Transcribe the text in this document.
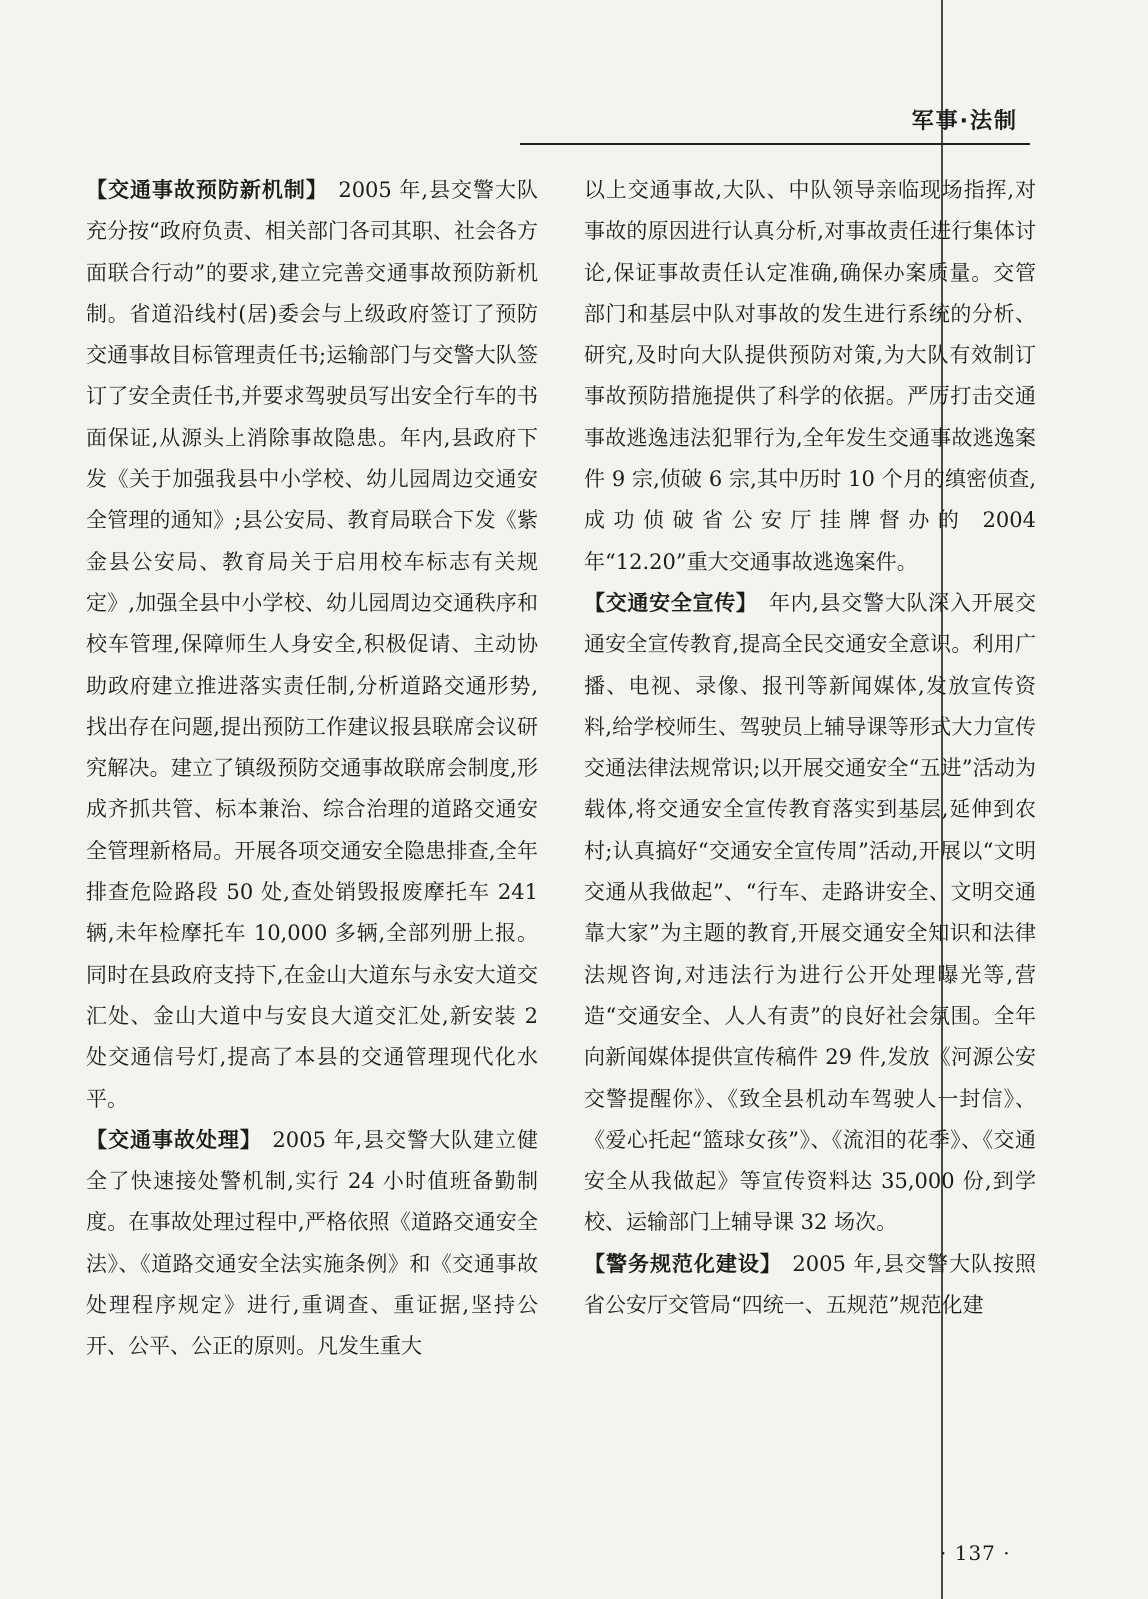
军事·法制

【交通事故预防新机制】  2005 年,县交警大队充分按“政府负责、相关部门各司其职、社会各方面联合行动”的要求,建立完善交通事故预防新机制。省道沿线村(居)委会与上级政府签订了预防交通事故目标管理责任书;运输部门与交警大队签订了安全责任书,并要求驾驶员写出安全行车的书面保证,从源头上消除事故隐患。年内,县政府下发《关于加强我县中小学校、幼儿园周边交通安全管理的通知》;县公安局、教育局联合下发《紫金县公安局、教育局关于启用校车标志有关规定》,加强全县中小学校、幼儿园周边交通秩序和校车管理,保障师生人身安全,积极促请、主动协助政府建立推进落实责任制,分析道路交通形势,找出存在问题,提出预防工作建议报县联席会议研究解决。建立了镇级预防交通事故联席会制度,形成齐抓共管、标本兼治、综合治理的道路交通安全管理新格局。开展各项交通安全隐患排查,全年排查危险路段 50 处,查处销毁报废摩托车 241 辆,未年检摩托车 10,000 多辆,全部列册上报。同时在县政府支持下,在金山大道东与永安大道交汇处、金山大道中与安良大道交汇处,新安装 2 处交通信号灯,提高了本县的交通管理现代化水平。

【交通事故处理】  2005 年,县交警大队建立健全了快速接处警机制,实行 24 小时值班备勤制度。在事故处理过程中,严格依照《道路交通安全法》、《道路交通安全法实施条例》和《交通事故处理程序规定》进行,重调查、重证据,坚持公开、公平、公正的原则。凡发生重大

以上交通事故,大队、中队领导亲临现场指挥,对事故的原因进行认真分析,对事故责任进行集体讨论,保证事故责任认定准确,确保办案质量。交管部门和基层中队对事故的发生进行系统的分析、研究,及时向大队提供预防对策,为大队有效制订事故预防措施提供了科学的依据。严厉打击交通事故逃逸违法犯罪行为,全年发生交通事故逃逸案件 9 宗,侦破 6 宗,其中历时 10 个月的缜密侦查,成功侦破省公安厅挂牌督办的 2004 年“12.20”重大交通事故逃逸案件。

【交通安全宣传】  年内,县交警大队深入开展交通安全宣传教育,提高全民交通安全意识。利用广播、电视、录像、报刊等新闻媒体,发放宣传资料,给学校师生、驾驶员上辅导课等形式大力宣传交通法律法规常识;以开展交通安全“五进”活动为载体,将交通安全宣传教育落实到基层,延伸到农村;认真搞好“交通安全宣传周”活动,开展以“文明交通从我做起”、“行车、走路讲安全、文明交通靠大家”为主题的教育,开展交通安全知识和法律法规咨询,对违法行为进行公开处理曝光等,营造“交通安全、人人有责”的良好社会氛围。全年向新闻媒体提供宣传稿件 29 件,发放《河源公安交警提醒你》、《致全县机动车驾驶人一封信》、《爱心托起“篮球女孩”》、《流泪的花季》、《交通安全从我做起》等宣传资料达 35,000 份,到学校、运输部门上辅导课 32 场次。

【警务规范化建设】  2005 年,县交警大队按照省公安厅交管局“四统一、五规范”规范化建

· 137 ·
